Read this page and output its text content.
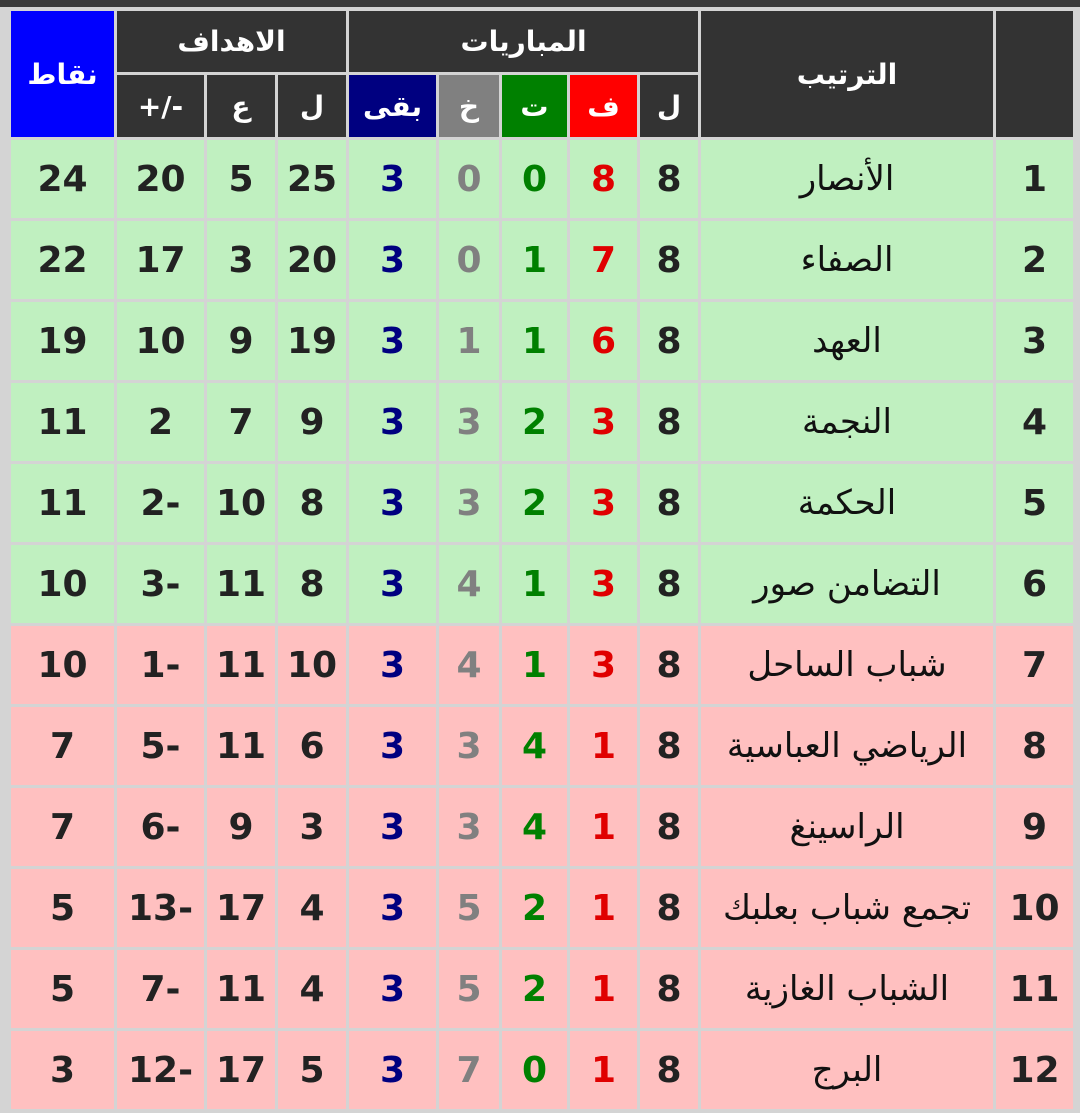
نقاط	الاهداف			المباريات					الترتيب	
	+/-	ع	ل	بقى	خ	ت	ف	ل		
24	20	5	25	3	0	0	8	8	الأنصار	1
22	17	3	20	3	0	1	7	8	الصفاء	2
19	10	9	19	3	1	1	6	8	العهد	3
11	2	7	9	3	3	2	3	8	النجمة	4
11	2-	10	8	3	3	2	3	8	الحكمة	5
10	3-	11	8	3	4	1	3	8	التضامن صور	6
10	1-	11	10	3	4	1	3	8	شباب الساحل	7
7	5-	11	6	3	3	4	1	8	الرياضي العباسية	8
7	6-	9	3	3	3	4	1	8	الراسينغ	9
5	13-	17	4	3	5	2	1	8	تجمع شباب بعلبك	10
5	7-	11	4	3	5	2	1	8	الشباب الغازية	11
3	12-	17	5	3	7	0	1	8	البرج	12
